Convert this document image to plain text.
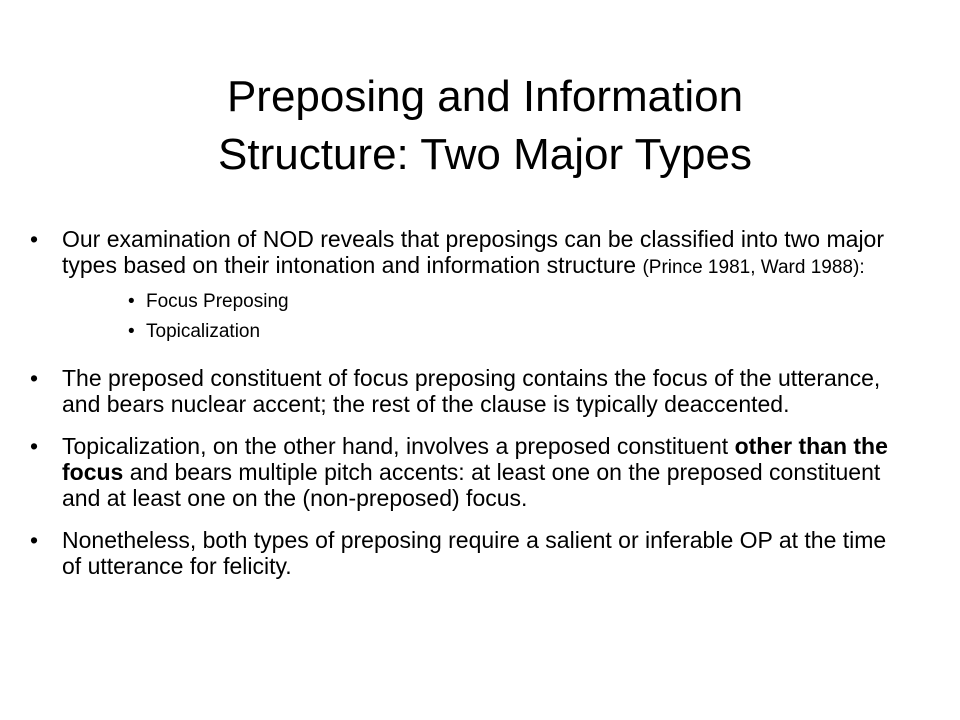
Preposing and Information
Structure: Two Major Types
• Our examination of NOD reveals that preposings can be classified into two major types based on their intonation and information structure (Prince 1981, Ward 1988):
• Focus Preposing
• Topicalization
• The preposed constituent of focus preposing contains the focus of the utterance, and bears nuclear accent; the rest of the clause is typically deaccented.
• Topicalization, on the other hand, involves a preposed constituent other than the focus and bears multiple pitch accents: at least one on the preposed constituent and at least one on the (non-preposed) focus.
• Nonetheless, both types of preposing require a salient or inferable OP at the time of utterance for felicity.
